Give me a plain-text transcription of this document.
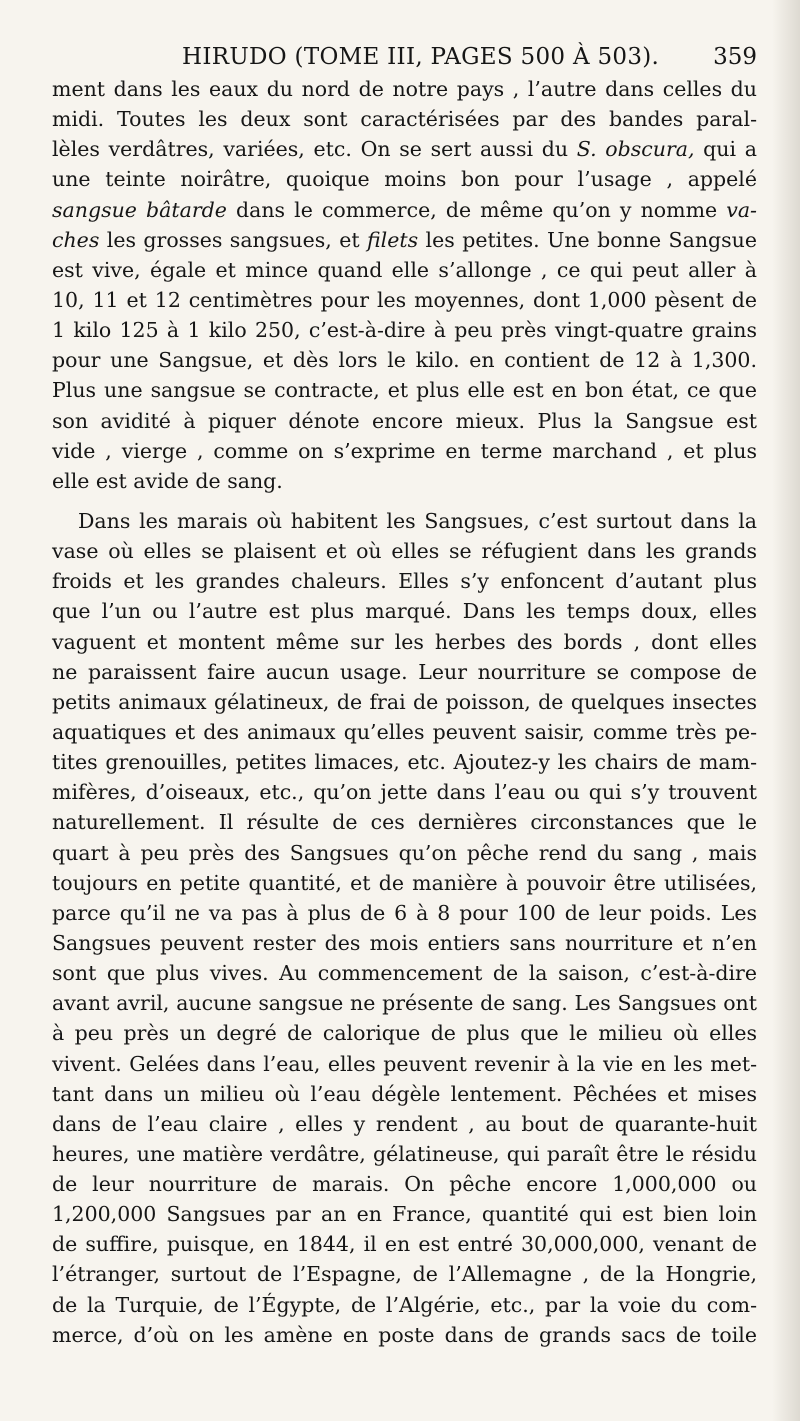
HIRUDO (TOME III, PAGES 500 À 503). 359
ment dans les eaux du nord de notre pays , l’autre dans celles du
midi. Toutes les deux sont caractérisées par des bandes paral-
lèles verdâtres, variées, etc. On se sert aussi du S. obscura, qui a
une teinte noirâtre, quoique moins bon pour l’usage , appelé
sangsue bâtarde dans le commerce, de même qu’on y nomme va-
ches les grosses sangsues, et filets les petites. Une bonne Sangsue
est vive, égale et mince quand elle s’allonge , ce qui peut aller à
10, 11 et 12 centimètres pour les moyennes, dont 1,000 pèsent de
1 kilo 125 à 1 kilo 250, c’est-à-dire à peu près vingt-quatre grains
pour une Sangsue, et dès lors le kilo. en contient de 12 à 1,300.
Plus une sangsue se contracte, et plus elle est en bon état, ce que
son avidité à piquer dénote encore mieux. Plus la Sangsue est
vide , vierge , comme on s’exprime en terme marchand , et plus
elle est avide de sang.
Dans les marais où habitent les Sangsues, c’est surtout dans la
vase où elles se plaisent et où elles se réfugient dans les grands
froids et les grandes chaleurs. Elles s’y enfoncent d’autant plus
que l’un ou l’autre est plus marqué. Dans les temps doux, elles
vaguent et montent même sur les herbes des bords , dont elles
ne paraissent faire aucun usage. Leur nourriture se compose de
petits animaux gélatineux, de frai de poisson, de quelques insectes
aquatiques et des animaux qu’elles peuvent saisir, comme très pe-
tites grenouilles, petites limaces, etc. Ajoutez-y les chairs de mam-
mifères, d’oiseaux, etc., qu’on jette dans l’eau ou qui s’y trouvent
naturellement. Il résulte de ces dernières circonstances que le
quart à peu près des Sangsues qu’on pêche rend du sang , mais
toujours en petite quantité, et de manière à pouvoir être utilisées,
parce qu’il ne va pas à plus de 6 à 8 pour 100 de leur poids. Les
Sangsues peuvent rester des mois entiers sans nourriture et n’en
sont que plus vives. Au commencement de la saison, c’est-à-dire
avant avril, aucune sangsue ne présente de sang. Les Sangsues ont
à peu près un degré de calorique de plus que le milieu où elles
vivent. Gelées dans l’eau, elles peuvent revenir à la vie en les met-
tant dans un milieu où l’eau dégèle lentement. Pêchées et mises
dans de l’eau claire , elles y rendent , au bout de quarante-huit
heures, une matière verdâtre, gélatineuse, qui paraît être le résidu
de leur nourriture de marais. On pêche encore 1,000,000 ou
1,200,000 Sangsues par an en France, quantité qui est bien loin
de suffire, puisque, en 1844, il en est entré 30,000,000, venant de
l’étranger, surtout de l’Espagne, de l’Allemagne , de la Hongrie,
de la Turquie, de l’Égypte, de l’Algérie, etc., par la voie du com-
merce, d’où on les amène en poste dans de grands sacs de toile
